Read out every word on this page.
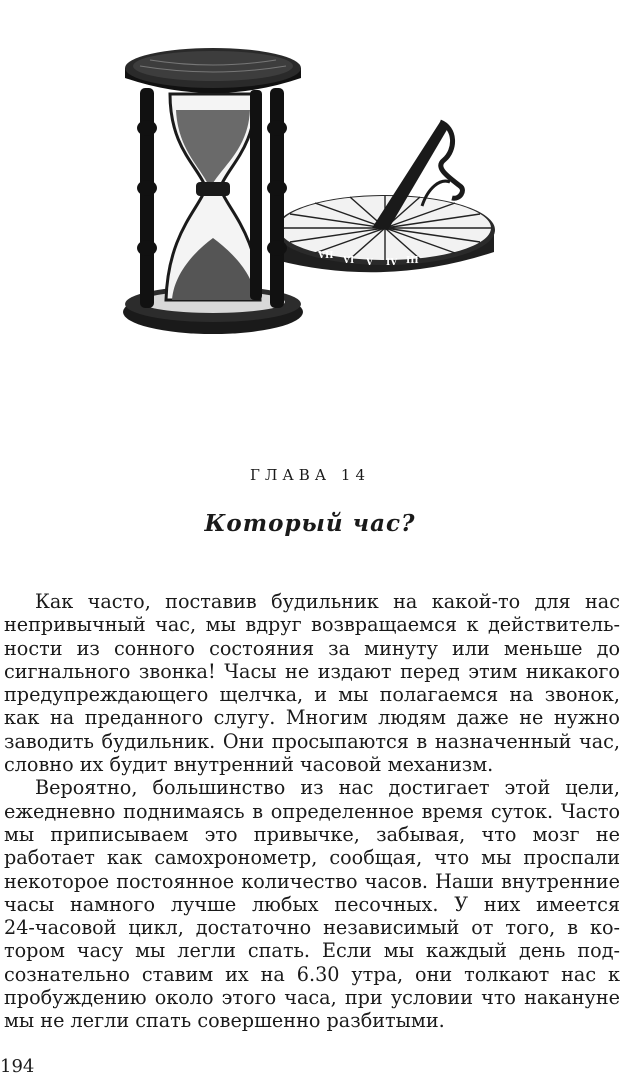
VII VI V IV III
ГЛАВА 14
Который час?
Как часто, поставив будильник на какой-то для нас
непривычный час, мы вдруг возвращаемся к действитель-
ности из сонного состояния за минуту или меньше до
сигнального звонка! Часы не издают перед этим никакого
предупреждающего щелчка, и мы полагаемся на звонок,
как на преданного слугу. Многим людям даже не нужно
заводить будильник. Они просыпаются в назначенный час,
словно их будит внутренний часовой механизм.
Вероятно, большинство из нас достигает этой цели,
ежедневно поднимаясь в определенное время суток. Часто
мы приписываем это привычке, забывая, что мозг не
работает как самохронометр, сообщая, что мы проспали
некоторое постоянное количество часов. Наши внутренние
часы намного лучше любых песочных. У них имеется
24-часовой цикл, достаточно независимый от того, в ко-
тором часу мы легли спать. Если мы каждый день под-
сознательно ставим их на 6.30 утра, они толкают нас к
пробуждению около этого часа, при условии что накануне
мы не легли спать совершенно разбитыми.
194
